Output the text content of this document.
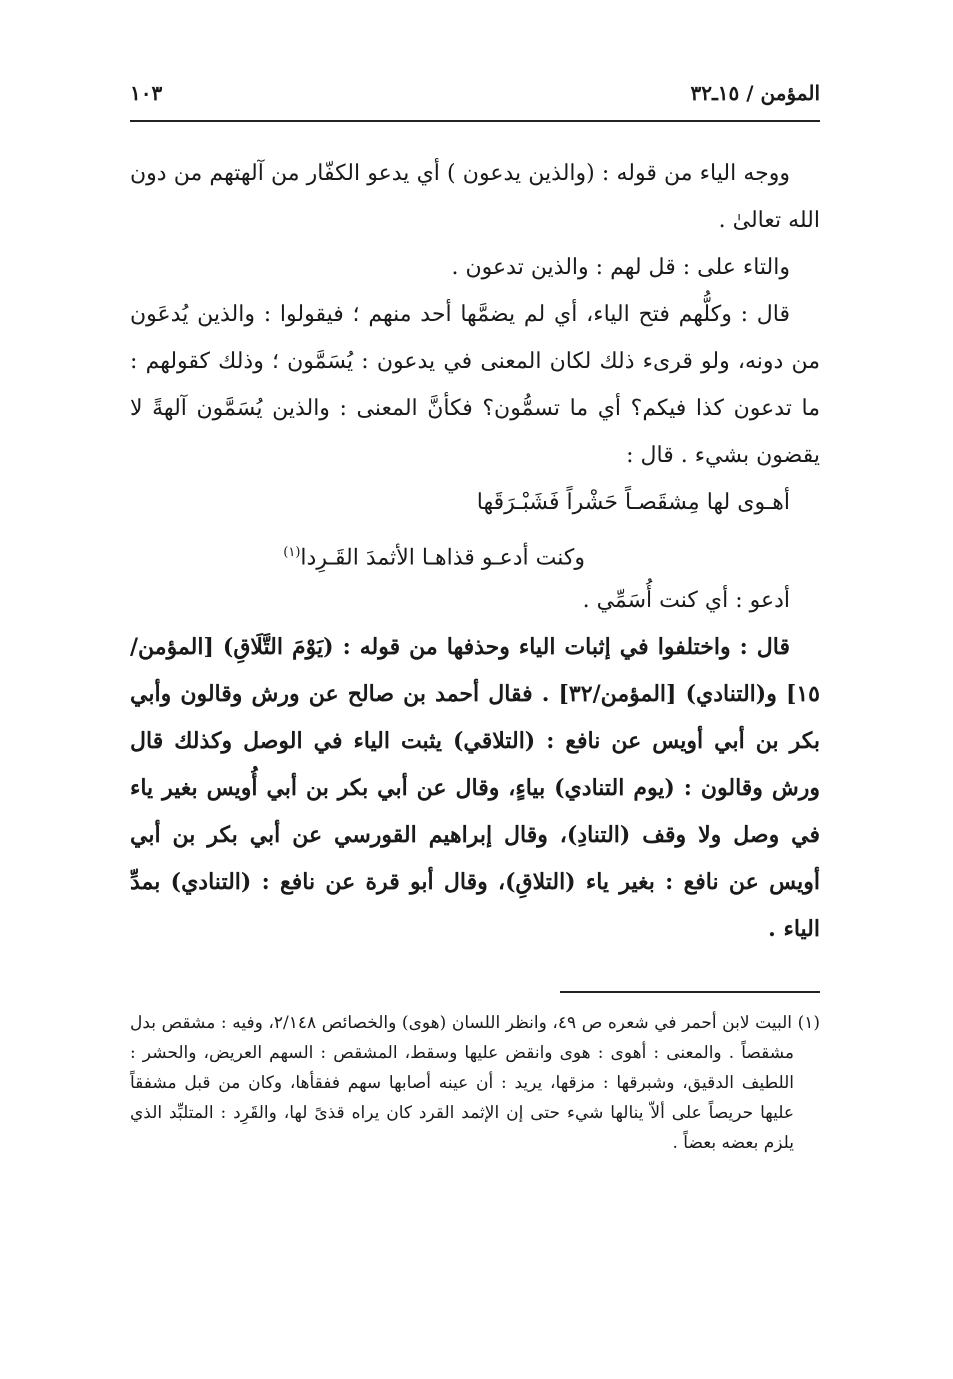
المؤمن / ١٥ـ٣٢
١٠٣

ووجه الياء من قوله : (والذين يدعون ) أي يدعو الكفّار من آلهتهم من دون الله تعالىٰ .

والتاء على : قل لهم : والذين تدعون .

قال : وكلُّهم فتح الياء، أي لم يضمَّها أحد منهم ؛ فيقولوا : والذين يُدعَون من دونه، ولو قرىء ذلك لكان المعنى في يدعون : يُسَمَّون ؛ وذلك كقولهم : ما تدعون كذا فيكم؟ أي ما تسمُّون؟ فكأنَّ المعنى : والذين يُسَمَّون آلهةً لا يقضون بشيء . قال :

أهـوى لها مِشقَصـاً حَشْراً فَشَبْـرَقَها

وكنت أدعـو قذاهـا الأثمدَ القَـرِدا$^{(١)}$

أدعو : أي كنت أُسَمِّي .

قال : واختلفوا في إثبات الياء وحذفها من قوله : (يَوْمَ التَّلَاقِ) [المؤمن/١٥] و(التنادي) [المؤمن/٣٢] . فقال أحمد بن صالح عن ورش وقالون وأبي بكر بن أبي أويس عن نافع : (التلاقي) يثبت الياء في الوصل وكذلك قال ورش وقالون : (يوم التنادي) بياءٍ، وقال عن أبي بكر بن أبي أُويس بغير ياء في وصل ولا وقف (التنادِ)، وقال إبراهيم القورسي عن أبي بكر بن أبي أويس عن نافع : بغير ياء (التلاقِ)، وقال أبو قرة عن نافع : (التنادي) بمدِّ الياء .

(١) البيت لابن أحمر في شعره ص ٤٩، وانظر اللسان (هوى) والخصائص ٢/١٤٨، وفيه : مشقص بدل مشقصاً . والمعنى : أهوى : هوى وانقض عليها وسقط، المشقص : السهم العريض، والحشر : اللطيف الدقيق، وشبرقها : مزقها، يريد : أن عينه أصابها سهم ففقأها، وكان من قبل مشفقاً عليها حريصاً على ألاّ ينالها شيء حتى إن الإثمد القرد كان يراه قذىً لها، والقَرِد : المتلبِّد الذي يلزم بعضه بعضاً .
